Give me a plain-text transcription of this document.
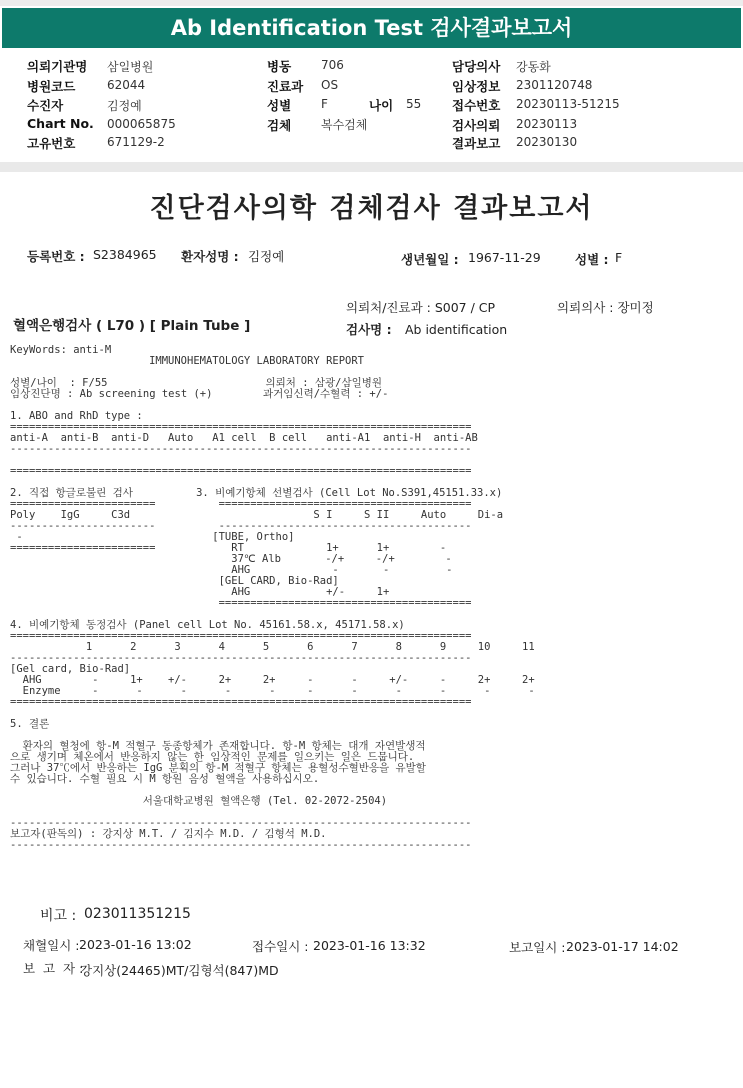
Ab Identification Test 검사결과보고서
의뢰기관명 삼일병원
병원코드	62044
수진자	김정예
Chart No. 000065875
고유번호	671129-2
병동 706
진료과 OS
성별 F	나이 55
검체 복수검체
담당의사 강동화
임상정보 2301120748
접수번호 20230113-51215
검사의뢰 20230113
결과보고 20230130
진단검사의학 검체검사 결과보고서
등록번호 : S2384965 환자성명 : 김정예	생년월일 : 1967-11-29	성별 : F
의뢰처/진료과 : S007 / CP	의뢰의사 : 장미정
혈액은행검사 ( L70 ) [ Plain Tube ]	검사명 : Ab identification
KeyWords: anti-M
IMMUNOHEMATOLOGY LABORATORY REPORT

성별/나이  : F/55                         의뢰처 : 삼광/삼일병원
임상진단명 : Ab screening test (+)        과거임신력/수혈력 : +/-

1. ABO and RhD type :
=========================================================================
anti-A  anti-B  anti-D   Auto   A1 cell  B cell   anti-A1  anti-H  anti-AB
-------------------------------------------------------------------------

=========================================================================

2. 직접 항글로불린 검사          3. 비예기항체 선별검사 (Cell Lot No.S391,45151.33.x)
=======================          ========================================
Poly    IgG     C3d                             S I     S II     Auto     Di-a
-----------------------          ----------------------------------------
-                              [TUBE, Ortho]
=======================            RT             1+      1+        -
37℃ Alb       -/+     -/+        -
AHG             -       -         -
[GEL CARD, Bio-Rad]
AHG            +/-     1+
========================================

4. 비예기항체 동정검사 (Panel cell Lot No. 45161.58.x, 45171.58.x)
=========================================================================
1      2      3      4      5      6      7      8      9     10     11
-------------------------------------------------------------------------
[Gel card, Bio-Rad]
AHG        -     1+    +/-     2+     2+     -      -     +/-     -     2+     2+
Enzyme     -      -      -      -      -     -      -      -      -      -      -
=========================================================================

5. 결론

환자의 혈청에 항-M 적혈구 동종항체가 존재합니다. 항-M 항체는 대개 자연발생적
으로 생기며 체온에서 반응하지 않는 한 임상적인 문제를 일으키는 일은 드뭅니다.
그러나 37℃에서 반응하는 IgG 분획의 항-M 적혈구 항체는 용혈성수혈반응을 유발할
수 있습니다. 수혈 필요 시 M 항원 음성 혈액을 사용하십시오.

서울대학교병원 혈액은행 (Tel. 02-2072-2504)

-------------------------------------------------------------------------
보고자(판독의) : 강지상 M.T. / 김지수 M.D. / 김형석 M.D.
-------------------------------------------------------------------------
비고 : 023011351215
채혈일시 : 2023-01-16 13:02	접수일시 : 2023-01-16 13:32	보고일시 : 2023-01-17 14:02
보  고  자 :
강지상(24465)MT/김형석(847)MD
